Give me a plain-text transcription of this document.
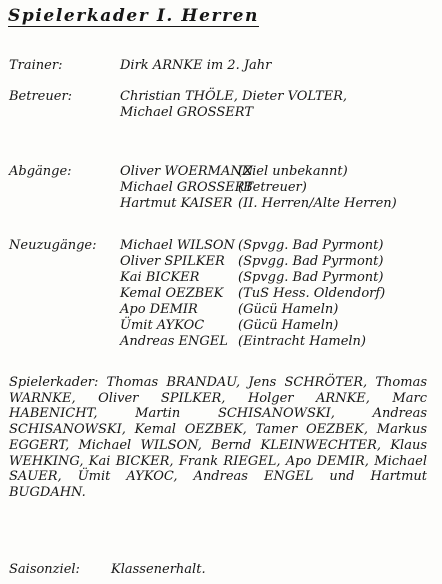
Spielerkader I. Herren
Trainer:	Dirk ARNKE im 2. Jahr
Betreuer:	Christian THÖLE, Dieter VOLTER,
Michael GROSSERT
Abgänge:	Oliver WOERMANN(Ziel unbekannt)
Michael GROSSERT(Betreuer)
Hartmut KAISER (II. Herren/Alte Herren)
Neuzugänge: Michael WILSON (Spvgg. Bad Pyrmont)
Oliver SPILKER (Spvgg. Bad Pyrmont)
Kai BICKER	(Spvgg. Bad Pyrmont)
Kemal OEZBEK (TuS Hess. Oldendorf)
Apo DEMIR	(Gücü Hameln)
Ümit AYKOC	(Gücü Hameln)
Andreas ENGEL (Eintracht Hameln)
Spielerkader: Thomas BRANDAU, Jens SCHRÖTER, Thomas WARNKE, Oliver SPILKER, Holger ARNKE, Marc HABENICHT, Martin SCHISANOWSKI, Andreas SCHISANOWSKI, Kemal OEZBEK, Tamer OEZBEK, Markus EGGERT, Michael WILSON, Bernd KLEINWECHTER, Klaus WEHKING, Kai BICKER, Frank RIEGEL, Apo DEMIR, Michael SAUER, Ümit AYKOC, Andreas ENGEL und Hartmut BUGDAHN.
Saisonziel: Klassenerhalt.
